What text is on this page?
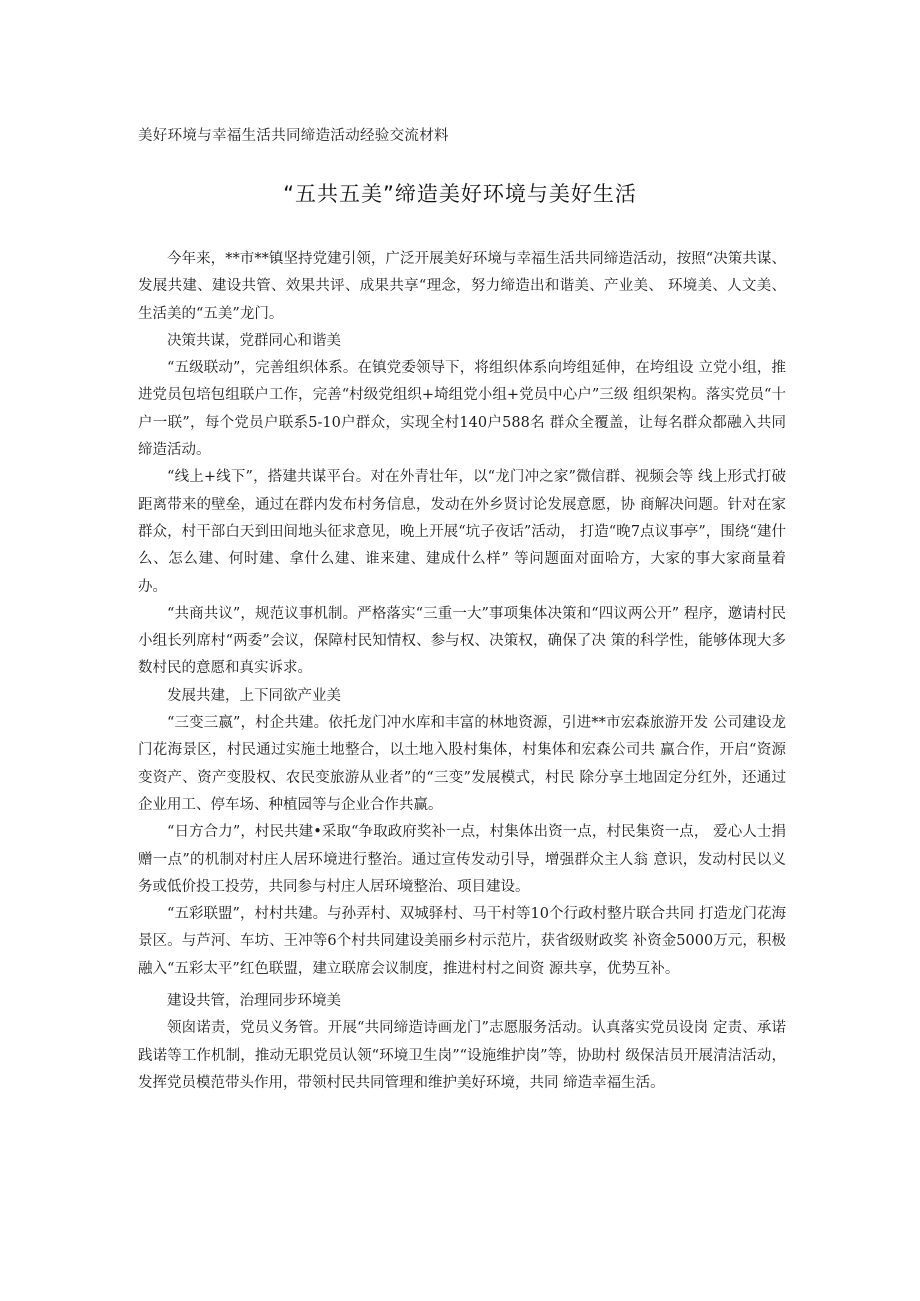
美好环境与幸福生活共同缔造活动经验交流材料
“五共五美”缔造美好环境与美好生活

今年来，**市**镇坚持党建引领，广泛开展美好环境与幸福生活共同缔造活动，按照“决策共谋、发展共建、建设共管、效果共评、成果共享“理念，努力缔造出和谐美、产业美、 环境美、人文美、生活美的“五美”龙门。

决策共谋，党群同心和谐美

“五级联动”，完善组织体系。在镇党委领导下，将组织体系向垮组延伸，在垮组设 立党小组，推进党员包培包组联户工作，完善“村级党组织+埼组党小组+党员中心户”三级 组织架构。落实党员“十户一联”，每个党员户联系5-10户群众，实现全村140户588名 群众全覆盖，让每名群众都融入共同缔造活动。

“线上+线下”，搭建共谋平台。对在外青壮年，以“龙门冲之家”微信群、视频会等 线上形式打破距离带来的壁垒，通过在群内发布村务信息，发动在外乡贤讨论发展意愿，协 商解决问题。针对在家群众，村干部白天到田间地头征求意见，晚上开展“坑子夜话”活动， 打造“晚7点议事亭”，围绕“建什么、怎么建、何时建、拿什么建、谁来建、建成什么样” 等问题面对面哈方，大家的事大家商量着办。

“共商共议”，规范议事机制。严格落实“三重一大”事项集体决策和“四议两公开” 程序，邀请村民小组长列席村“两委”会议，保障村民知情权、参与权、决策权，确保了决 策的科学性，能够体现大多数村民的意愿和真实诉求。

发展共建，上下同欲产业美

“三变三嬴”，村企共建。依托龙门冲水库和丰富的林地资源，引进**市宏森旅游开发 公司建设龙门花海景区，村民通过实施土地整合，以土地入股村集体，村集体和宏森公司共 赢合作，开启“资源变资产、资产变股权、农民变旅游从业者”的“三变”发展模式，村民 除分享土地固定分红外，还通过企业用工、停车场、种植园等与企业合作共赢。

“日方合力”，村民共建•采取“争取政府奖补一点，村集体出资一点，村民集资一点， 爱心人士捐赠一点”的机制对村庄人居环境进行整治。通过宣传发动引导，增强群众主人翁 意识，发动村民以义务或低价投工投劳，共同参与村庄人居环境整治、项目建设。

“五彩联盟”，村村共建。与孙弄村、双城驿村、马干村等10个行政村整片联合共同 打造龙门花海景区。与芦河、车坊、王冲等6个村共同建设美丽乡村示范片，获省级财政奖 补资金5000万元，积极融入“五彩太平”红色联盟，建立联席会议制度，推进村村之间资 源共享，优势互补。

建设共管，治理同步环境美

领囱诺责，党员义务管。开展“共同缔造诗画龙门”志愿服务活动。认真落实党员设岗 定责、承诺践诺等工作机制，推动无职党员认领“环境卫生岗”“设施维护岗”等，协助村 级保洁员开展清洁活动，发挥党员模范带头作用，带领村民共同管理和维护美好环境，共同 缔造幸福生活。
